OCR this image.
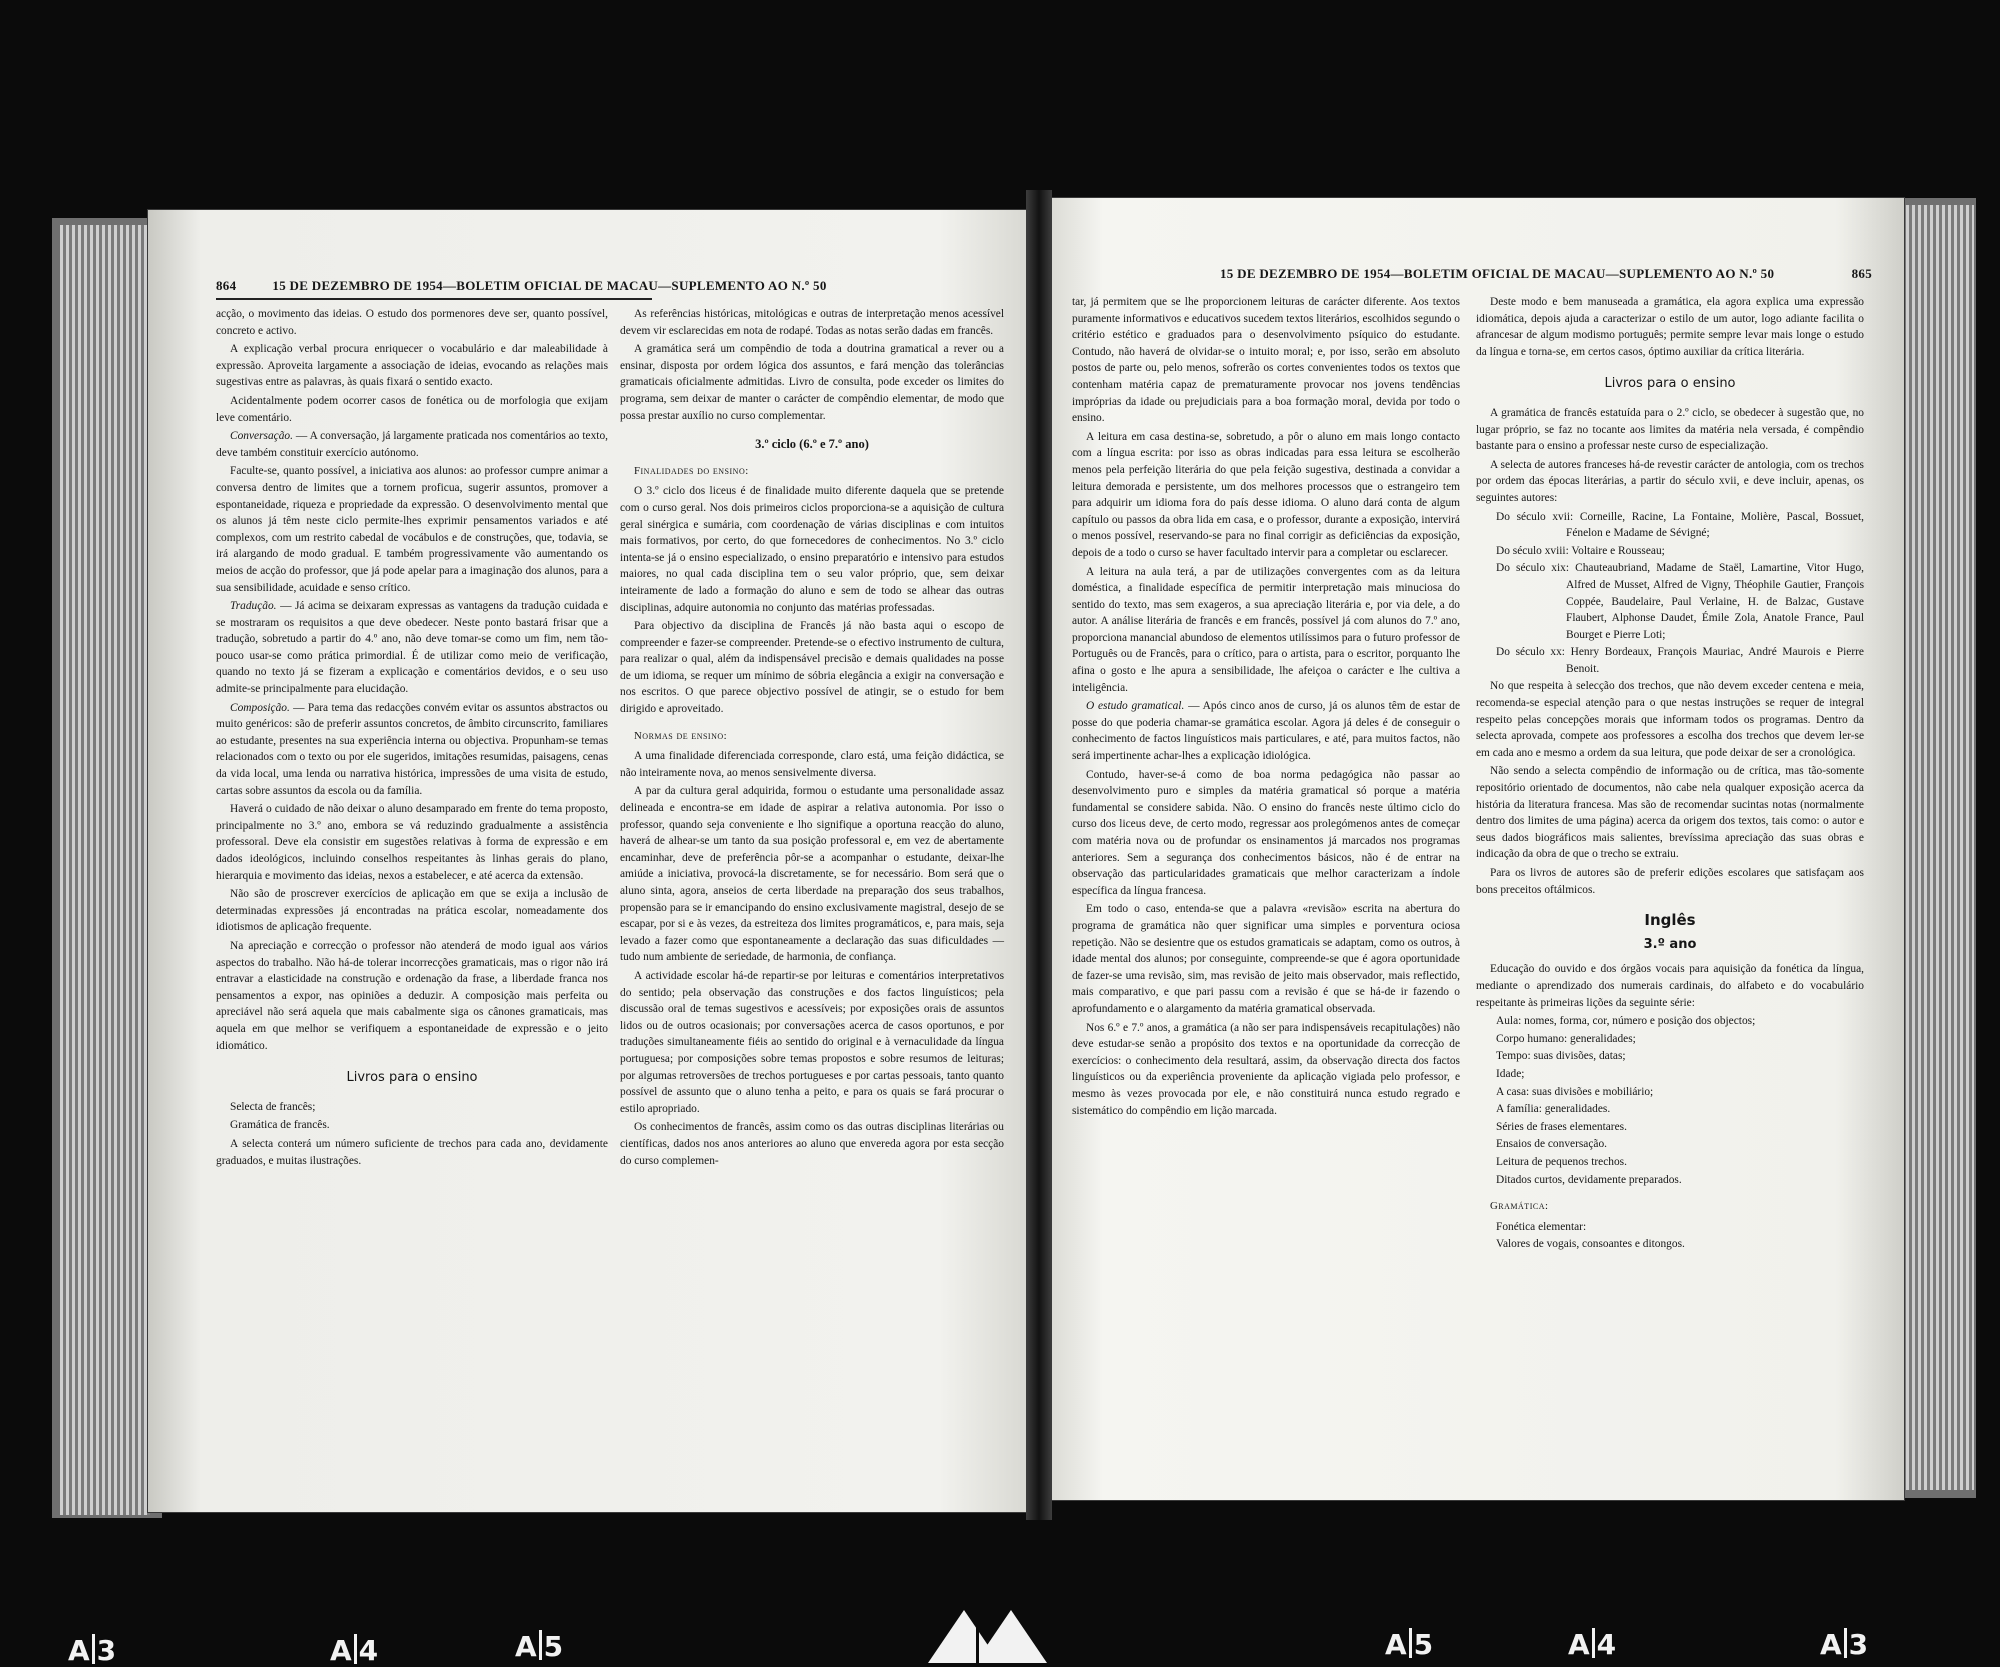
864	15 DE DEZEMBRO DE 1954—BOLETIM OFICIAL DE MACAU—SUPLEMENTO AO N.º 50

acção, o movimento das ideias. O estudo dos pormenores deve ser, quanto possível, concreto e activo.

A explicação verbal procura enriquecer o vocabulário e dar maleabilidade à expressão. Aproveita largamente a associação de ideias, evocando as relações mais sugestivas entre as palavras, às quais fixará o sentido exacto.

Acidentalmente podem ocorrer casos de fonética ou de morfologia que exijam leve comentário.

Conversação. — A conversação, já largamente praticada nos comentários ao texto, deve também constituir exercício autónomo.

Faculte-se, quanto possível, a iniciativa aos alunos: ao professor cumpre animar a conversa dentro de limites que a tornem proficua, sugerir assuntos, promover a espontaneidade, riqueza e propriedade da expressão. O desenvolvimento mental que os alunos já têm neste ciclo permite-lhes exprimir pensamentos variados e até complexos, com um restrito cabedal de vocábulos e de construções, que, todavia, se irá alargando de modo gradual. E também progressivamente vão aumentando os meios de acção do professor, que já pode apelar para a imaginação dos alunos, para a sua sensibilidade, acuidade e senso crítico.

Tradução. — Já acima se deixaram expressas as vantagens da tradução cuidada e se mostraram os requisitos a que deve obedecer. Neste ponto bastará frisar que a tradução, sobretudo a partir do 4.º ano, não deve tomar-se como um fim, nem tão-pouco usar-se como prática primordial. É de utilizar como meio de verificação, quando no texto já se fizeram a explicação e comentários devidos, e o seu uso admite-se principalmente para elucidação.

Composição. — Para tema das redacções convém evitar os assuntos abstractos ou muito genéricos: são de preferir assuntos concretos, de âmbito circunscrito, familiares ao estudante, presentes na sua experiência interna ou objectiva. Propunham-se temas relacionados com o texto ou por ele sugeridos, imitações resumidas, paisagens, cenas da vida local, uma lenda ou narrativa histórica, impressões de uma visita de estudo, cartas sobre assuntos da escola ou da família.

Haverá o cuidado de não deixar o aluno desamparado em frente do tema proposto, principalmente no 3.º ano, embora se vá reduzindo gradualmente a assistência professoral. Deve ela consistir em sugestões relativas à forma de expressão e em dados ideológicos, incluindo conselhos respeitantes às linhas gerais do plano, hierarquia e movimento das ideias, nexos a estabelecer, e até acerca da extensão.

Não são de proscrever exercícios de aplicação em que se exija a inclusão de determinadas expressões já encontradas na prática escolar, nomeadamente dos idiotismos de aplicação frequente.

Na apreciação e correcção o professor não atenderá de modo igual aos vários aspectos do trabalho. Não há-de tolerar incorrecções gramaticais, mas o rigor não irá entravar a elasticidade na construção e ordenação da frase, a liberdade franca nos pensamentos a expor, nas opiniões a deduzir. A composição mais perfeita ou apreciável não será aquela que mais cabalmente siga os cânones gramaticais, mas aquela em que melhor se verifiquem a espontaneidade de expressão e o jeito idiomático.

Livros para o ensino

Selecta de francês;

Gramática de francês.

A selecta conterá um número suficiente de trechos para cada ano, devidamente graduados, e muitas ilustrações.

As referências históricas, mitológicas e outras de interpretação menos acessível devem vir esclarecidas em nota de rodapé. Todas as notas serão dadas em francês.

A gramática será um compêndio de toda a doutrina gramatical a rever ou a ensinar, disposta por ordem lógica dos assuntos, e fará menção das tolerâncias gramaticais oficialmente admitidas. Livro de consulta, pode exceder os limites do programa, sem deixar de manter o carácter de compêndio elementar, de modo que possa prestar auxílio no curso complementar.

3.º ciclo (6.º e 7.º ano)
Finalidades do ensino:

O 3.º ciclo dos liceus é de finalidade muito diferente daquela que se pretende com o curso geral. Nos dois primeiros ciclos proporciona-se a aquisição de cultura geral sinérgica e sumária, com coordenação de várias disciplinas e com intuitos mais formativos, por certo, do que fornecedores de conhecimentos. No 3.º ciclo intenta-se já o ensino especializado, o ensino preparatório e intensivo para estudos maiores, no qual cada disciplina tem o seu valor próprio, que, sem deixar inteiramente de lado a formação do aluno e sem de todo se alhear das outras disciplinas, adquire autonomia no conjunto das matérias professadas.

Para objectivo da disciplina de Francês já não basta aqui o escopo de compreender e fazer-se compreender. Pretende-se o efectivo instrumento de cultura, para realizar o qual, além da indispensável precisão e demais qualidades na posse de um idioma, se requer um mínimo de sóbria elegância a exigir na conversação e nos escritos. O que parece objectivo possível de atingir, se o estudo for bem dirigido e aproveitado.

Normas de ensino:

A uma finalidade diferenciada corresponde, claro está, uma feição didáctica, se não inteiramente nova, ao menos sensivelmente diversa.

A par da cultura geral adquirida, formou o estudante uma personalidade assaz delineada e encontra-se em idade de aspirar a relativa autonomia. Por isso o professor, quando seja conveniente e lho signifique a oportuna reacção do aluno, haverá de alhear-se um tanto da sua posição professoral e, em vez de abertamente encaminhar, deve de preferência pôr-se a acompanhar o estudante, deixar-lhe amiúde a iniciativa, provocá-la discretamente, se for necessário. Bom será que o aluno sinta, agora, anseios de certa liberdade na preparação dos seus trabalhos, propensão para se ir emancipando do ensino exclusivamente magistral, desejo de se escapar, por si e às vezes, da estreiteza dos limites programáticos, e, para mais, seja levado a fazer como que espontaneamente a declaração das suas dificuldades — tudo num ambiente de seriedade, de harmonia, de confiança.

A actividade escolar há-de repartir-se por leituras e comentários interpretativos do sentido; pela observação das construções e dos factos linguísticos; pela discussão oral de temas sugestivos e acessíveis; por exposições orais de assuntos lidos ou de outros ocasionais; por conversações acerca de casos oportunos, e por traduções simultaneamente fiéis ao sentido do original e à vernaculidade da língua portuguesa; por composições sobre temas propostos e sobre resumos de leituras; por algumas retroversões de trechos portugueses e por cartas pessoais, tanto quanto possível de assunto que o aluno tenha a peito, e para os quais se fará procurar o estilo apropriado.

Os conhecimentos de francês, assim como os das outras disciplinas literárias ou científicas, dados nos anos anteriores ao aluno que enveredа agora por esta secção do curso complemen-

15 DE DEZEMBRO DE 1954—BOLETIM OFICIAL DE MACAU—SUPLEMENTO AO N.º 50	865

tar, já permitem que se lhe proporcionem leituras de carácter diferente. Aos textos puramente informativos e educativos sucedem textos literários, escolhidos segundo o critério estético e graduados para o desenvolvimento psíquico do estudante. Contudo, não haverá de olvidar-se o intuito moral; e, por isso, serão em absoluto postos de parte ou, pelo menos, sofrerão os cortes convenientes todos os textos que contenham matéria capaz de prematuramente provocar nos jovens tendências impróprias da idade ou prejudiciais para a boa formação moral, devida por todo o ensino.

A leitura em casa destina-se, sobretudo, a pôr o aluno em mais longo contacto com a língua escrita: por isso as obras indicadas para essa leitura se escolherão menos pela perfeição literária do que pela feição sugestiva, destinada a convidar a leitura demorada e persistente, um dos melhores processos que o estrangeiro tem para adquirir um idioma fora do país desse idioma. O aluno dará conta de algum capítulo ou passos da obra lida em casa, e o professor, durante a exposição, intervirá o menos possível, reservando-se para no final corrigir as deficiências da exposição, depois de a todo o curso se haver facultado intervir para a completar ou esclarecer.

A leitura na aula terá, a par de utilizações convergentes com as da leitura doméstica, a finalidade específica de permitir interpretação mais minuciosa do sentido do texto, mas sem exageros, a sua apreciação literária e, por via dele, a do autor. A análise literária de francês e em francês, possível já com alunos do 7.º ano, proporciona manancial abundoso de elementos utilíssimos para o futuro professor de Português ou de Francês, para o crítico, para o artista, para o escritor, porquanto lhe afina o gosto e lhe apura a sensibilidade, lhe afeiçoa o carácter e lhe cultiva a inteligência.

O estudo gramatical. — Após cinco anos de curso, já os alunos têm de estar de posse do que poderia chamar-se gramática escolar. Agora já deles é de conseguir o conhecimento de factos linguísticos mais particulares, e até, para muitos factos, não será impertinente achar-lhes a explicação idiológica.

Contudo, haver-se-á como de boa norma pedagógica não passar ao desenvolvimento puro e simples da matéria gramatical só porque a matéria fundamental se considere sabida. Não. O ensino do francês neste último ciclo do curso dos liceus deve, de certo modo, regressar aos prolegómenos antes de começar com matéria nova ou de profundar os ensinamentos já marcados nos programas anteriores. Sem a segurança dos conhecimentos básicos, não é de entrar na observação das particularidades gramaticais que melhor caracterizam a índole específica da língua francesa.

Em todo o caso, entenda-se que a palavra «revisão» escrita na abertura do programa de gramática não quer significar uma simples e porventura ociosa repetição. Não se desientre que os estudos gramaticais se adaptam, como os outros, à idade mental dos alunos; por conseguinte, compreende-se que é agora oportunidade de fazer-se uma revisão, sim, mas revisão de jeito mais observador, mais reflectido, mais comparativo, e que pari passu com a revisão é que se há-de ir fazendo o aprofundamento e o alargamento da matéria gramatical observada.

Nos 6.º e 7.º anos, a gramática (a não ser para indispensáveis recapitulações) não deve estudar-se senão a propósito dos textos e na oportunidade da correcção de exercícios: o conhecimento dela resultará, assim, da observação directa dos factos linguísticos ou da experiência proveniente da aplicação vigiada pelo professor, e mesmo às vezes provocada por ele, e não constituirá nunca estudo regrado e sistemático do compêndio em lição marcada.

Deste modo e bem manuseada a gramática, ela agora explica uma expressão idiomática, depois ajuda a caracterizar o estilo de um autor, logo adiante facilita o afrancesar de algum modismo português; permite sempre levar mais longe o estudo da língua e torna-se, em certos casos, óptimo auxiliar da crítica literária.

Livros para o ensino

A gramática de francês estatuída para o 2.º ciclo, se obedecer à sugestão que, no lugar próprio, se faz no tocante aos limites da matéria nela versada, é compêndio bastante para o ensino a professar neste curso de especialização.

A selecta de autores franceses há-de revestir carácter de antologia, com os trechos por ordem das épocas literárias, a partir do século xvii, e deve incluir, apenas, os seguintes autores:

Do século xvii: Corneille, Racine, La Fontaine, Molière, Pascal, Bossuet, Fénelon e Madame de Sévigné;
Do século xviii: Voltaire e Rousseau;
Do século xix: Chauteaubriand, Madame de Staël, Lamartine, Vitor Hugo, Alfred de Musset, Alfred de Vigny, Théophile Gautier, François Coppée, Baudelaire, Paul Verlaine, H. de Balzac, Gustave Flaubert, Alphonse Daudet, Émile Zola, Anatole France, Paul Bourget e Pierre Loti;
Do século xx: Henry Bordeaux, François Mauriac, André Maurois e Pierre Benoit.

No que respeita à selecção dos trechos, que não devem exceder centena e meia, recomenda-se especial atenção para o que nestas instruções se requer de integral respeito pelas concepções morais que informam todos os programas. Dentro da selecta aprovada, compete aos professores a escolha dos trechos que devem ler-se em cada ano e mesmo a ordem da sua leitura, que pode deixar de ser a cronológica.

Não sendo a selecta compêndio de informação ou de crítica, mas tão-somente repositório orientado de documentos, não cabe nela qualquer exposição acerca da história da literatura francesa. Mas são de recomendar sucintas notas (normalmente dentro dos limites de uma página) acerca da origem dos textos, tais como: o autor e seus dados biográficos mais salientes, brevíssima apreciação das suas obras e indicação da obra de que o trecho se extraiu.

Para os livros de autores são de preferir edições escolares que satisfaçam aos bons preceitos oftálmicos.

Inglês
3.º ano

Educação do ouvido e dos órgãos vocais para aquisição da fonética da língua, mediante o aprendizado dos numerais cardinais, do alfabeto e do vocabulário respeitante às primeiras lições da seguinte série:

Aula: nomes, forma, cor, número e posição dos objectos;
Corpo humano: generalidades;
Tempo: suas divisões, datas;
Idade;
A casa: suas divisões e mobiliário;
A família: generalidades.
Séries de frases elementares.
Ensaios de conversação.
Leitura de pequenos trechos.
Ditados curtos, devidamente preparados.
Gramática:
Fonética elementar:
Valores de vogais, consoantes e ditongos.
A 3	A 4	A 5	A 5	A 4	A 3
